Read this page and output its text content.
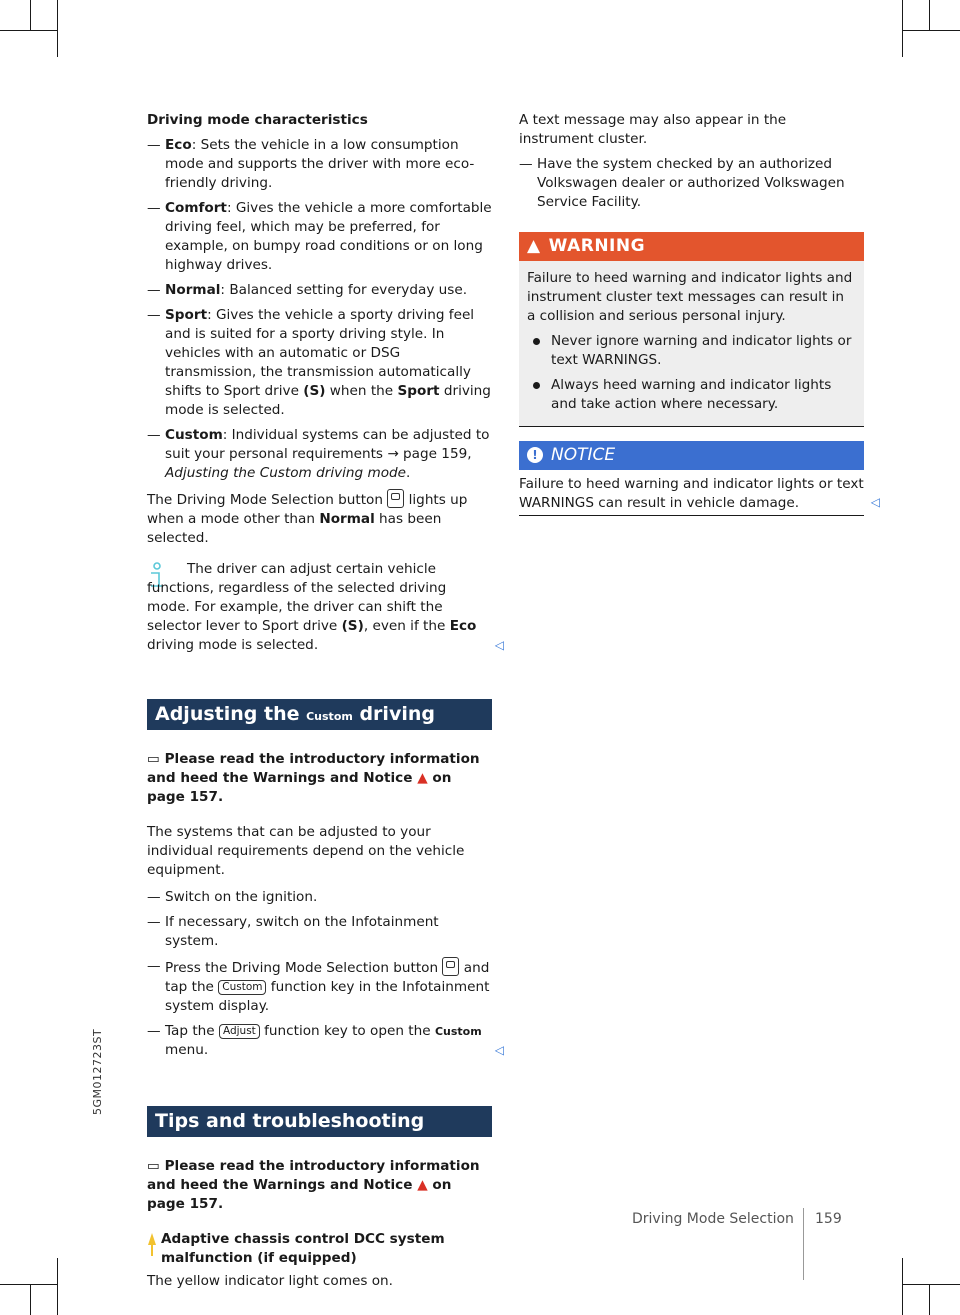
5GM012723ST
Driving mode characteristics
— Eco: Sets the vehicle in a low consumption mode and supports the driver with more eco-friendly driving.
— Comfort: Gives the vehicle a more comfortable driving feel, which may be preferred, for example, on bumpy road conditions or on long highway drives.
— Normal: Balanced setting for everyday use.
— Sport: Gives the vehicle a sporty driving feel and is suited for a sporty driving style. In vehicles with an automatic or DSG transmission, the transmission automatically shifts to Sport drive (S) when the Sport driving mode is selected.
— Custom: Individual systems can be adjusted to suit your personal requirements → page 159, Adjusting the Custom driving mode.

The Driving Mode Selection button  lights up when a mode other than Normal has been selected.

The driver can adjust certain vehicle functions, regardless of the selected driving mode. For example, the driver can shift the selector lever to Sport drive (S), even if the Eco driving mode is selected.	◁

Adjusting the Custom driving mode
▭ Please read the introductory information and heed the Warnings and Notice ▲ on page 157.

The systems that can be adjusted to your individual requirements depend on the vehicle equipment.

— Switch on the ignition.
— If necessary, switch on the Infotainment system.
— Press the Driving Mode Selection button  and tap the Custom function key in the Infotainment system display.
— Tap the Adjust function key to open the Custom menu.	◁
Tips and troubleshooting
▭ Please read the introductory information and heed the Warnings and Notice ▲ on page 157.
Adaptive chassis control DCC system malfunction (if equipped)

The yellow indicator light comes on.

A text message may also appear in the instrument cluster.

— Have the system checked by an authorized Volkswagen dealer or authorized Volkswagen Service Facility.
▲ WARNING

Failure to heed warning and indicator lights and instrument cluster text messages can result in a collision and serious personal injury.

Never ignore warning and indicator lights or text WARNINGS.
Always heed warning and indicator lights and take action where necessary.
! NOTICE

Failure to heed warning and indicator lights or text WARNINGS can result in vehicle damage.	◁
Driving Mode Selection 159
